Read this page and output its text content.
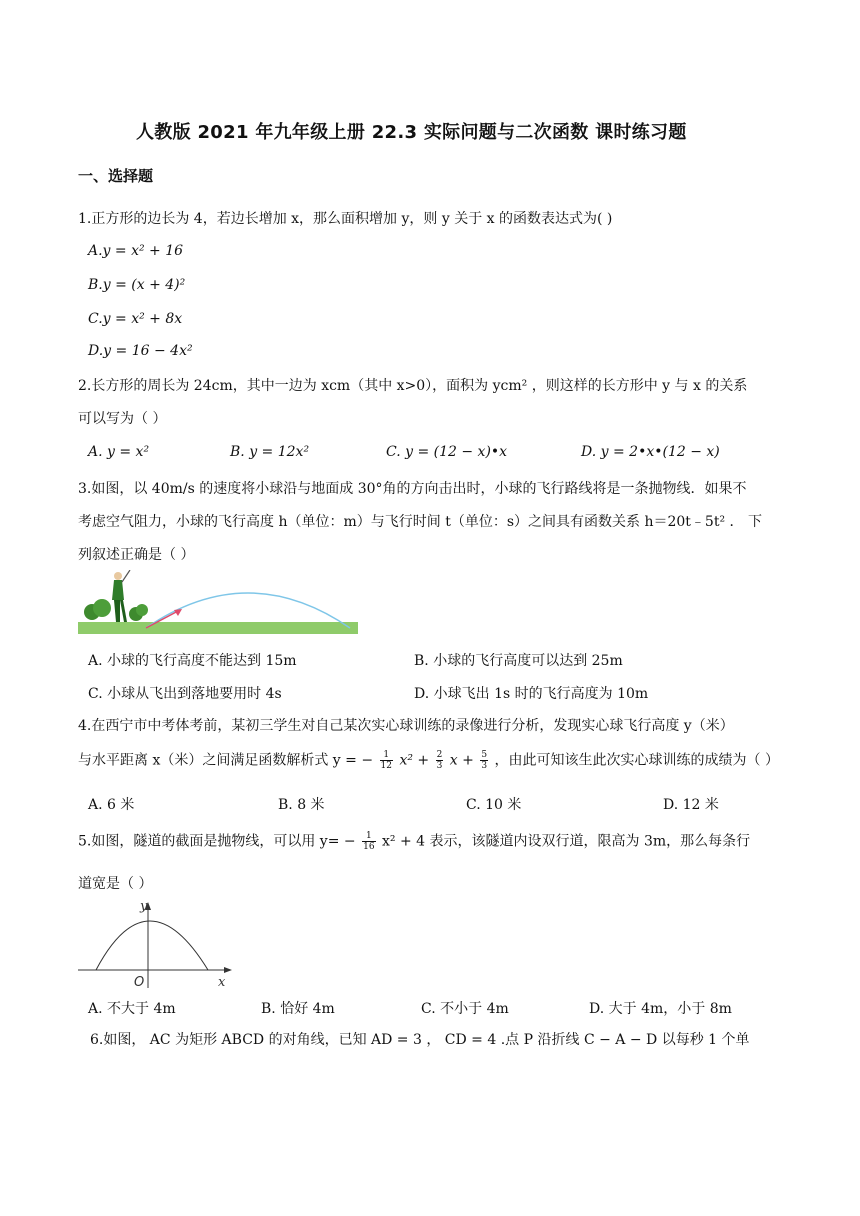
人教版 2021 年九年级上册 22.3 实际问题与二次函数 课时练习题
一、选择题
1.正方形的边长为 4，若边长增加 x，那么面积增加 y，则 y 关于 x 的函数表达式为( )
A.y = x² + 16
B.y = (x + 4)²
C.y = x² + 8x
D.y = 16 − 4x²
2.长方形的周长为 24cm，其中一边为 xcm（其中 x>0），面积为 ycm² ，则这样的长方形中 y 与 x 的关系
可以写为（ ）
A. y = x²	B. y = 12x²	C. y = (12 − x)•x	D. y = 2•x•(12 − x)
3.如图，以 40m/s 的速度将小球沿与地面成 30°角的方向击出时，小球的飞行路线将是一条抛物线．如果不
考虑空气阻力，小球的飞行高度 h（单位：m）与飞行时间 t（单位：s）之间具有函数关系 h＝20t﹣5t² ． 下
列叙述正确是（ ）
A. 小球的飞行高度不能达到 15m	B. 小球的飞行高度可以达到 25m
C. 小球从飞出到落地要用时 4s	D. 小球飞出 1s 时的飞行高度为 10m
4.在西宁市中考体考前，某初三学生对自己某次实心球训练的录像进行分析，发现实心球飞行高度 y（米）
与水平距离 x（米）之间满足函数解析式 y = − $\frac{1}{12} x^2 + \frac{2}{3}$ $x + \frac{5}{3}$ ，由此可知该生此次实心球训练的成绩为（ ）
A. 6 米	B. 8 米	C. 10 米	D. 12 米
5.如图，隧道的截面是抛物线，可以用 $y= - \frac{1}{16} x^2 + 4$ 表示，该隧道内设双行道，限高为 3m，那么每条行
道宽是（ ）
y
x
O
A. 不大于 4m	B. 恰好 4m	C. 不小于 4m	D. 大于 4m，小于 8m
6.如图， AC 为矩形 ABCD 的对角线，已知 AD = 3 ， CD = 4 .点 P 沿折线 C − A − D 以每秒 1 个单
